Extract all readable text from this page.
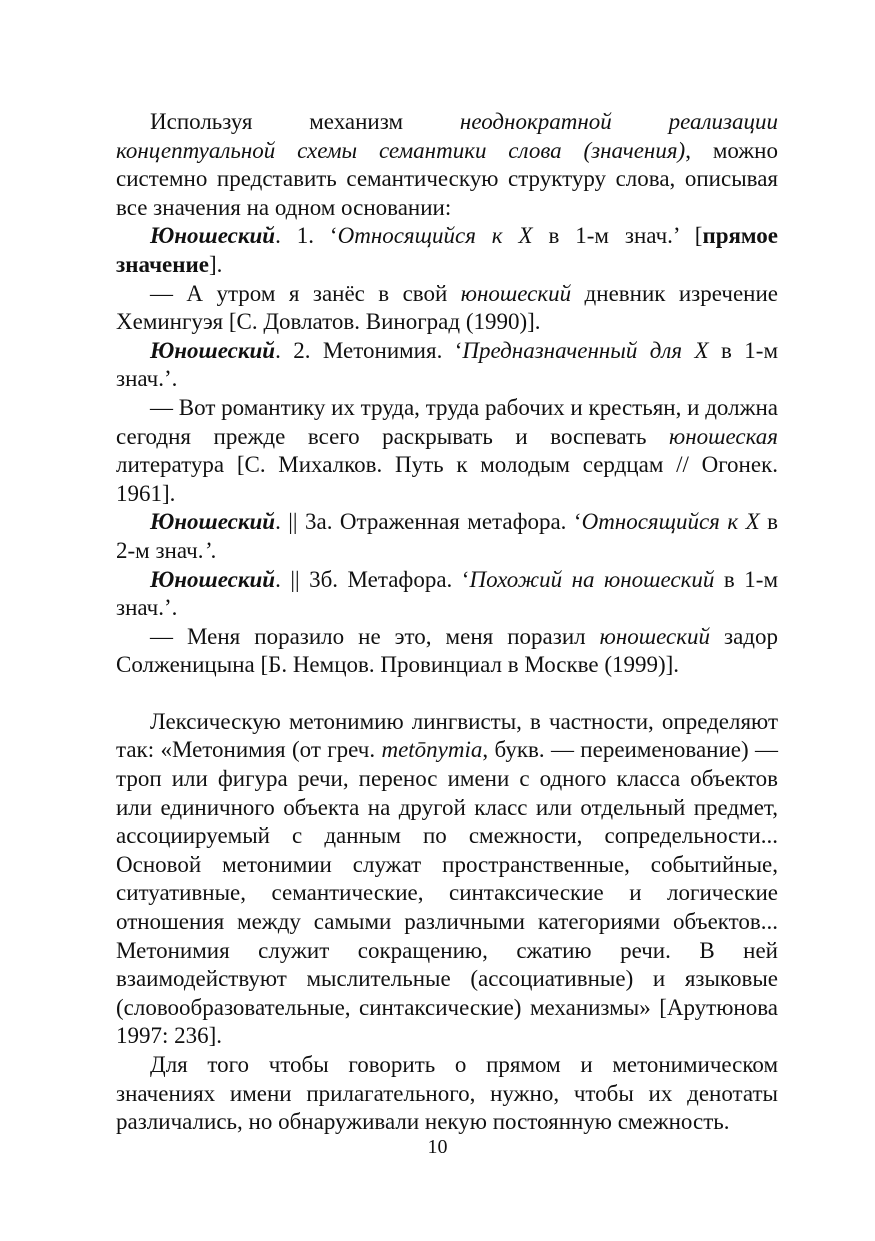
Используя механизм неоднократной реализации концептуальной схемы семантики слова (значения), можно системно представить семантическую структуру слова, описывая все значения на одном основании:

Юношеский. 1. ‘Относящийся к X в 1-м знач.’ [прямое значение].

— А утром я занёс в свой юношеский дневник изречение Хемингуэя [С. Довлатов. Виноград (1990)].

Юношеский. 2. Метонимия. ‘Предназначенный для X в 1-м знач.’.

— Вот романтику их труда, труда рабочих и крестьян, и должна сегодня прежде всего раскрывать и воспевать юношеская литература [С. Михалков. Путь к молодым сердцам // Огонек. 1961].

Юношеский. || 3а. Отраженная метафора. ‘Относящийся к X в 2-м знач.’.

Юношеский. || 3б. Метафора. ‘Похожий на юношеский в 1-м знач.’.

— Меня поразило не это, меня поразил юношеский задор Солженицына [Б. Немцов. Провинциал в Москве (1999)].

Лексическую метонимию лингвисты, в частности, определяют так: «Метонимия (от греч. metōnуmia, букв. — переименование) — троп или фигура речи, перенос имени с одного класса объектов или единичного объекта на другой класс или отдельный предмет, ассоциируемый с данным по смежности, сопредельности... Основой метонимии служат пространственные, событийные, ситуативные, семантические, синтаксические и логические отношения между самыми различными категориями объектов... Метонимия служит сокращению, сжатию речи. В ней взаимодействуют мыслительные (ассоциативные) и языковые (словообразовательные, синтаксические) механизмы» [Арутюнова 1997: 236].

Для того чтобы говорить о прямом и метонимическом значениях имени прилагательного, нужно, чтобы их денотаты различались, но обнаруживали некую постоянную смежность.

10
